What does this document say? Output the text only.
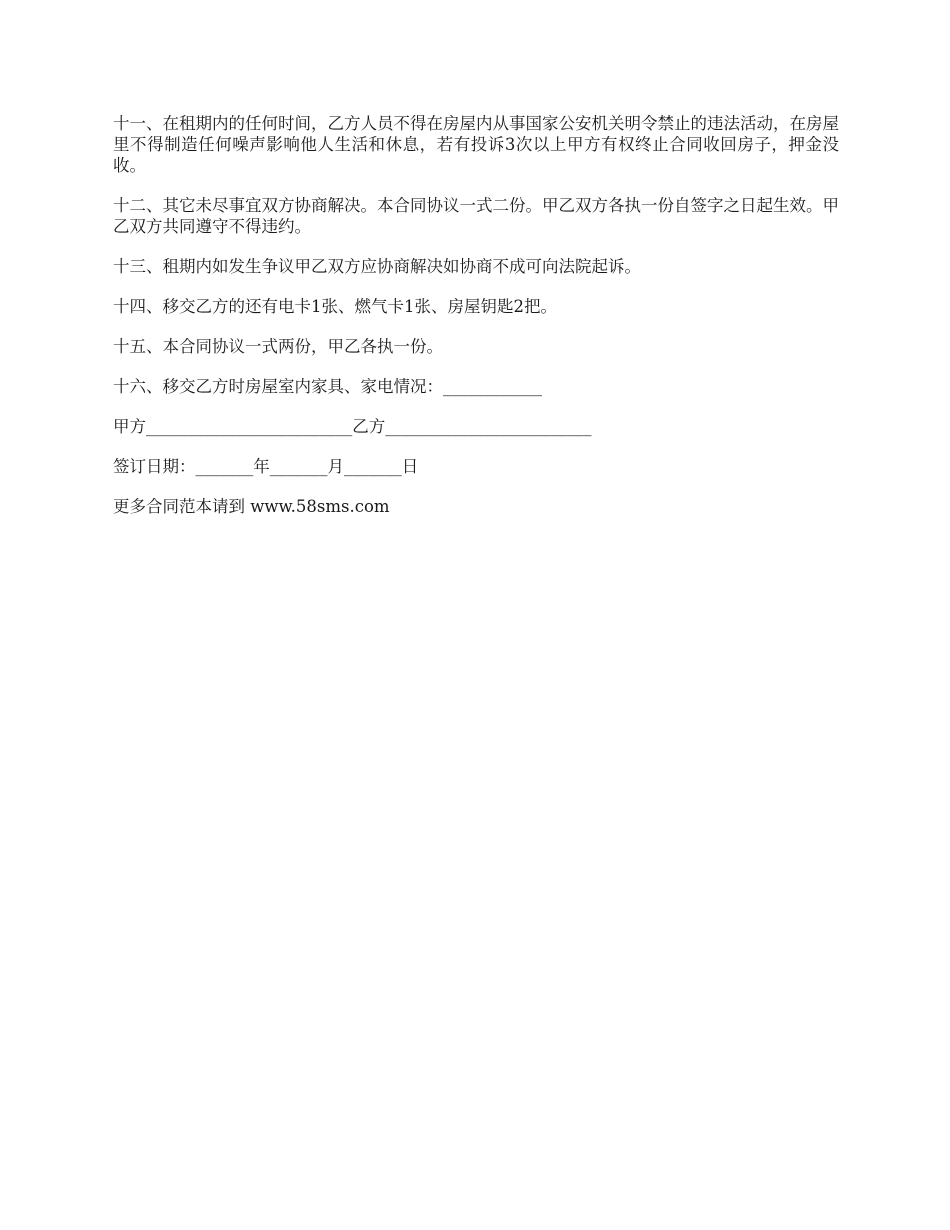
十一、在租期内的任何时间，乙方人员不得在房屋内从事国家公安机关明令禁止的违法活动，在房屋里不得制造任何噪声影响他人生活和休息，若有投诉3次以上甲方有权终止合同收回房子，押金没收。

十二、其它未尽事宜双方协商解决。本合同协议一式二份。甲乙双方各执一份自签字之日起生效。甲乙双方共同遵守不得违约。

十三、租期内如发生争议甲乙双方应协商解决如协商不成可向法院起诉。

十四、移交乙方的还有电卡1张、燃气卡1张、房屋钥匙2把。

十五、本合同协议一式两份，甲乙各执一份。

十六、移交乙方时房屋室内家具、家电情况：____________

甲方_________________________乙方_________________________

签订日期：_______年_______月_______日

更多合同范本请到 www.58sms.com
